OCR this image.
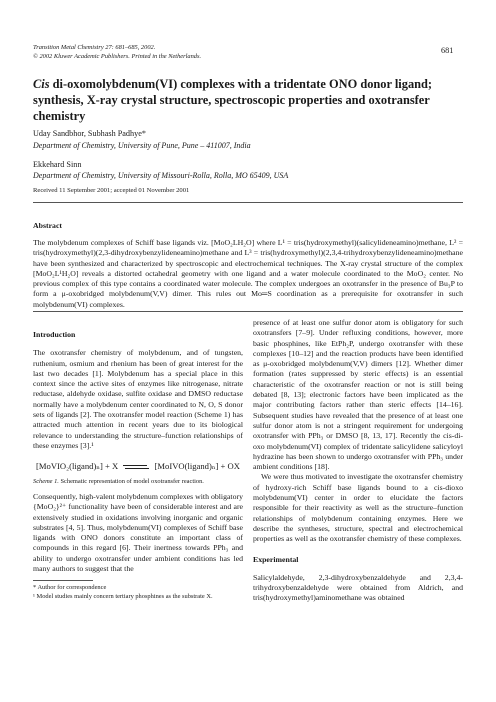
Transition Metal Chemistry 27: 681–685, 2002.
© 2002 Kluwer Academic Publishers. Printed in the Netherlands.
681
Cis di-oxomolybdenum(VI) complexes with a tridentate ONO donor ligand;
synthesis, X-ray crystal structure, spectroscopic properties and oxotransfer chemistry
Uday Sandbhor, Subhash Padhye*
Department of Chemistry, University of Pune, Pune – 411007, India
Ekkehard Sinn
Department of Chemistry, University of Missouri-Rolla, Rolla, MO 65409, USA
Received 11 September 2001; accepted 01 November 2001
Abstract
The molybdenum complexes of Schiff base ligands viz. [MoO₂LH₂O] where L¹ = tris(hydroxymethyl)(salicylideneamino)methane, L² = tris(hydroxymethyl)(2,3-dihydroxybenzylideneamino)methane and L³ = tris(hydroxymethyl)(2,3,4-trihydroxybenzylideneamino)methane have been synthesized and characterized by spectroscopic and electrochemical techniques. The X-ray crystal structure of the complex [MoO₂L¹H₂O] reveals a distorted octahedral geometry with one ligand and a water molecule coordinated to the MoO₂ center. No previous complex of this type contains a coordinated water molecule. The complex undergoes an oxotransfer in the presence of Bu₃P to form a μ-oxobridged molybdenum(V,V) dimer. This rules out Mo═S coordination as a prerequisite for oxotransfer in such molybdenum(VI) complexes.
Introduction

The oxotransfer chemistry of molybdenum, and of tungsten, ruthenium, osmium and rhenium has been of great interest for the last two decades [1]. Molybdenum has a special place in this context since the active sites of enzymes like nitrogenase, nitrate reductase, aldehyde oxidase, sulfite oxidase and DMSO reductase normally have a molybdenum center coordinated to N, O, S donor sets of ligands [2]. The oxotransfer model reaction (Scheme 1) has attracted much attention in recent years due to its biological relevance to understanding the structure–function relationships of these enzymes [3].¹

[MoVIO₂(ligand)ₙ] + X	[MoIVO(ligand)ₙ] + OX
Scheme 1. Schematic representation of model oxotransfer reaction.

Consequently, high-valent molybdenum complexes with obligatory {MoO₂}²⁺ functionality have been of considerable interest and are extensively studied in oxidations involving inorganic and organic substrates [4, 5]. Thus, molybdenum(VI) complexes of Schiff base ligands with ONO donors constitute an important class of compounds in this regard [6]. Their inertness towards PPh₃ and ability to undergo oxotransfer under ambient conditions has led many authors to suggest that the

* Author for correspondence
¹ Model studies mainly concern tertiary phosphines as the substrate X.

presence of at least one sulfur donor atom is obligatory for such oxotransfers [7–9]. Under refluxing conditions, however, more basic phosphines, like EtPh₂P, undergo oxotransfer with these complexes [10–12] and the reaction products have been identified as μ-oxobridged molybdenum(V,V) dimers [12]. Whether dimer formation (rates suppressed by steric effects) is an essential characteristic of the oxotransfer reaction or not is still being debated [8, 13]; electronic factors have been implicated as the major contributing factors rather than steric effects [14–16]. Subsequent studies have revealed that the presence of at least one sulfur donor atom is not a stringent requirement for undergoing oxotransfer with PPh₃ or DMSO [8, 13, 17]. Recently the cis-di-oxo molybdenum(VI) complex of tridentate salicylidene salicyloyl hydrazine has been shown to undergo oxotransfer with PPh₃ under ambient conditions [18].

We were thus motivated to investigate the oxotransfer chemistry of hydroxy-rich Schiff base ligands bound to a cis-dioxo molybdenum(VI) center in order to elucidate the factors responsible for their reactivity as well as the structure–function relationships of molybdenum containing enzymes. Here we describe the syntheses, structure, spectral and electrochemical properties as well as the oxotransfer chemistry of these complexes.

Experimental

Salicylaldehyde, 2,3-dihydroxybenzaldehyde and 2,3,4-trihydroxybenzaldehyde were obtained from Aldrich, and tris(hydroxymethyl)aminomethane was obtained
